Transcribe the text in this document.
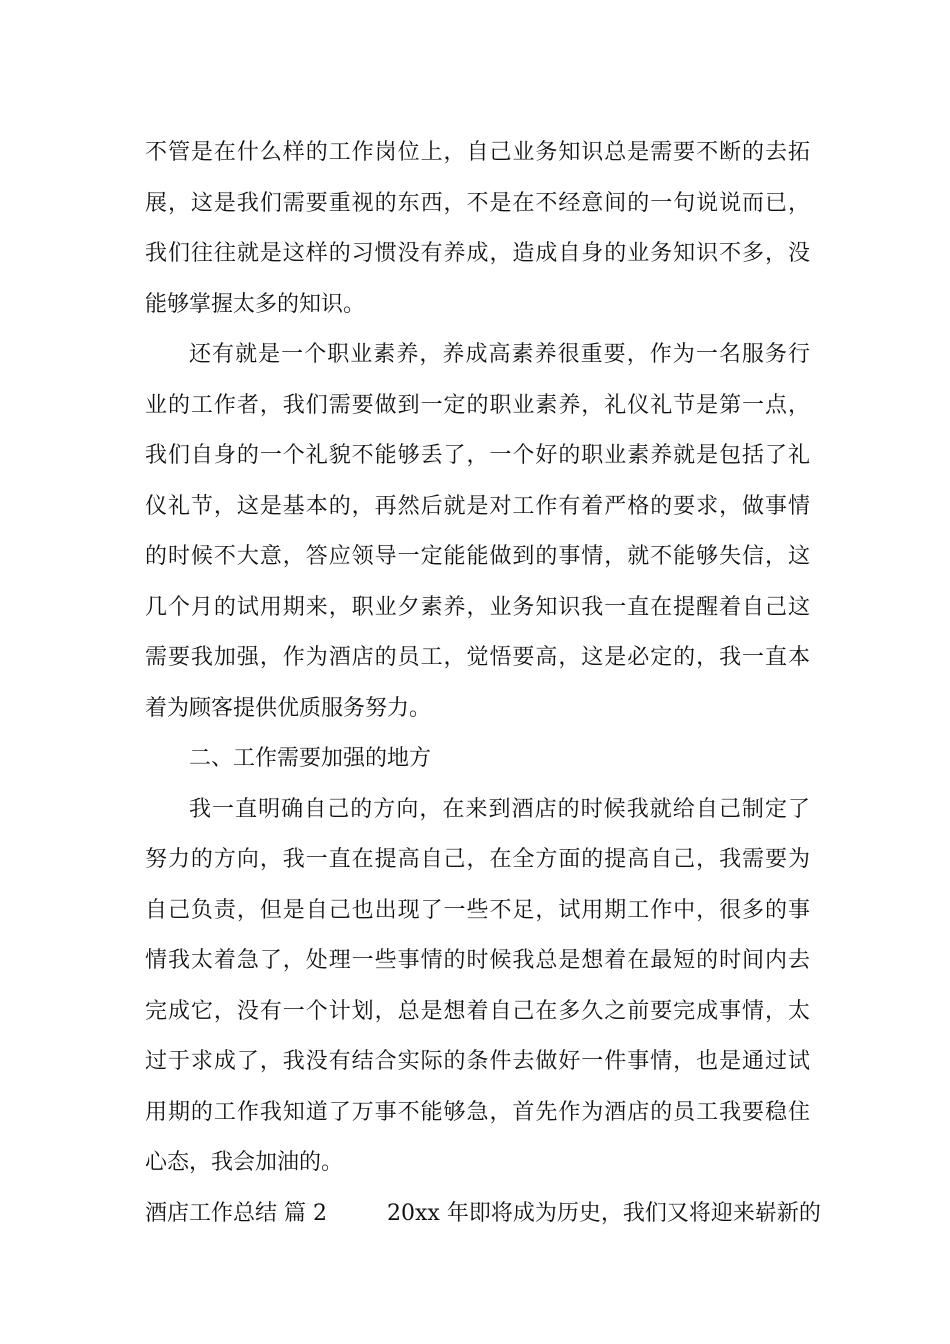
不管是在什么样的工作岗位上，自己业务知识总是需要不断的去拓
展，这是我们需要重视的东西，不是在不经意间的一句说说而已，
我们往往就是这样的习惯没有养成，造成自身的业务知识不多，没
能够掌握太多的知识。
还有就是一个职业素养，养成高素养很重要，作为一名服务行
业的工作者，我们需要做到一定的职业素养，礼仪礼节是第一点，
我们自身的一个礼貌不能够丢了，一个好的职业素养就是包括了礼
仪礼节，这是基本的，再然后就是对工作有着严格的要求，做事情
的时候不大意，答应领导一定能能做到的事情，就不能够失信，这
几个月的试用期来，职业夕素养，业务知识我一直在提醒着自己这
需要我加强，作为酒店的员工，觉悟要高，这是必定的，我一直本
着为顾客提供优质服务努力。
二、工作需要加强的地方
我一直明确自己的方向，在来到酒店的时候我就给自己制定了
努力的方向，我一直在提高自己，在全方面的提高自己，我需要为
自己负责，但是自己也出现了一些不足，试用期工作中，很多的事
情我太着急了，处理一些事情的时候我总是想着在最短的时间内去
完成它，没有一个计划，总是想着自己在多久之前要完成事情，太
过于求成了，我没有结合实际的条件去做好一件事情，也是通过试
用期的工作我知道了万事不能够急，首先作为酒店的员工我要稳住
心态，我会加油的。
酒店工作总结 篇 2	20xx 年即将成为历史，我们又将迎来崭新的
